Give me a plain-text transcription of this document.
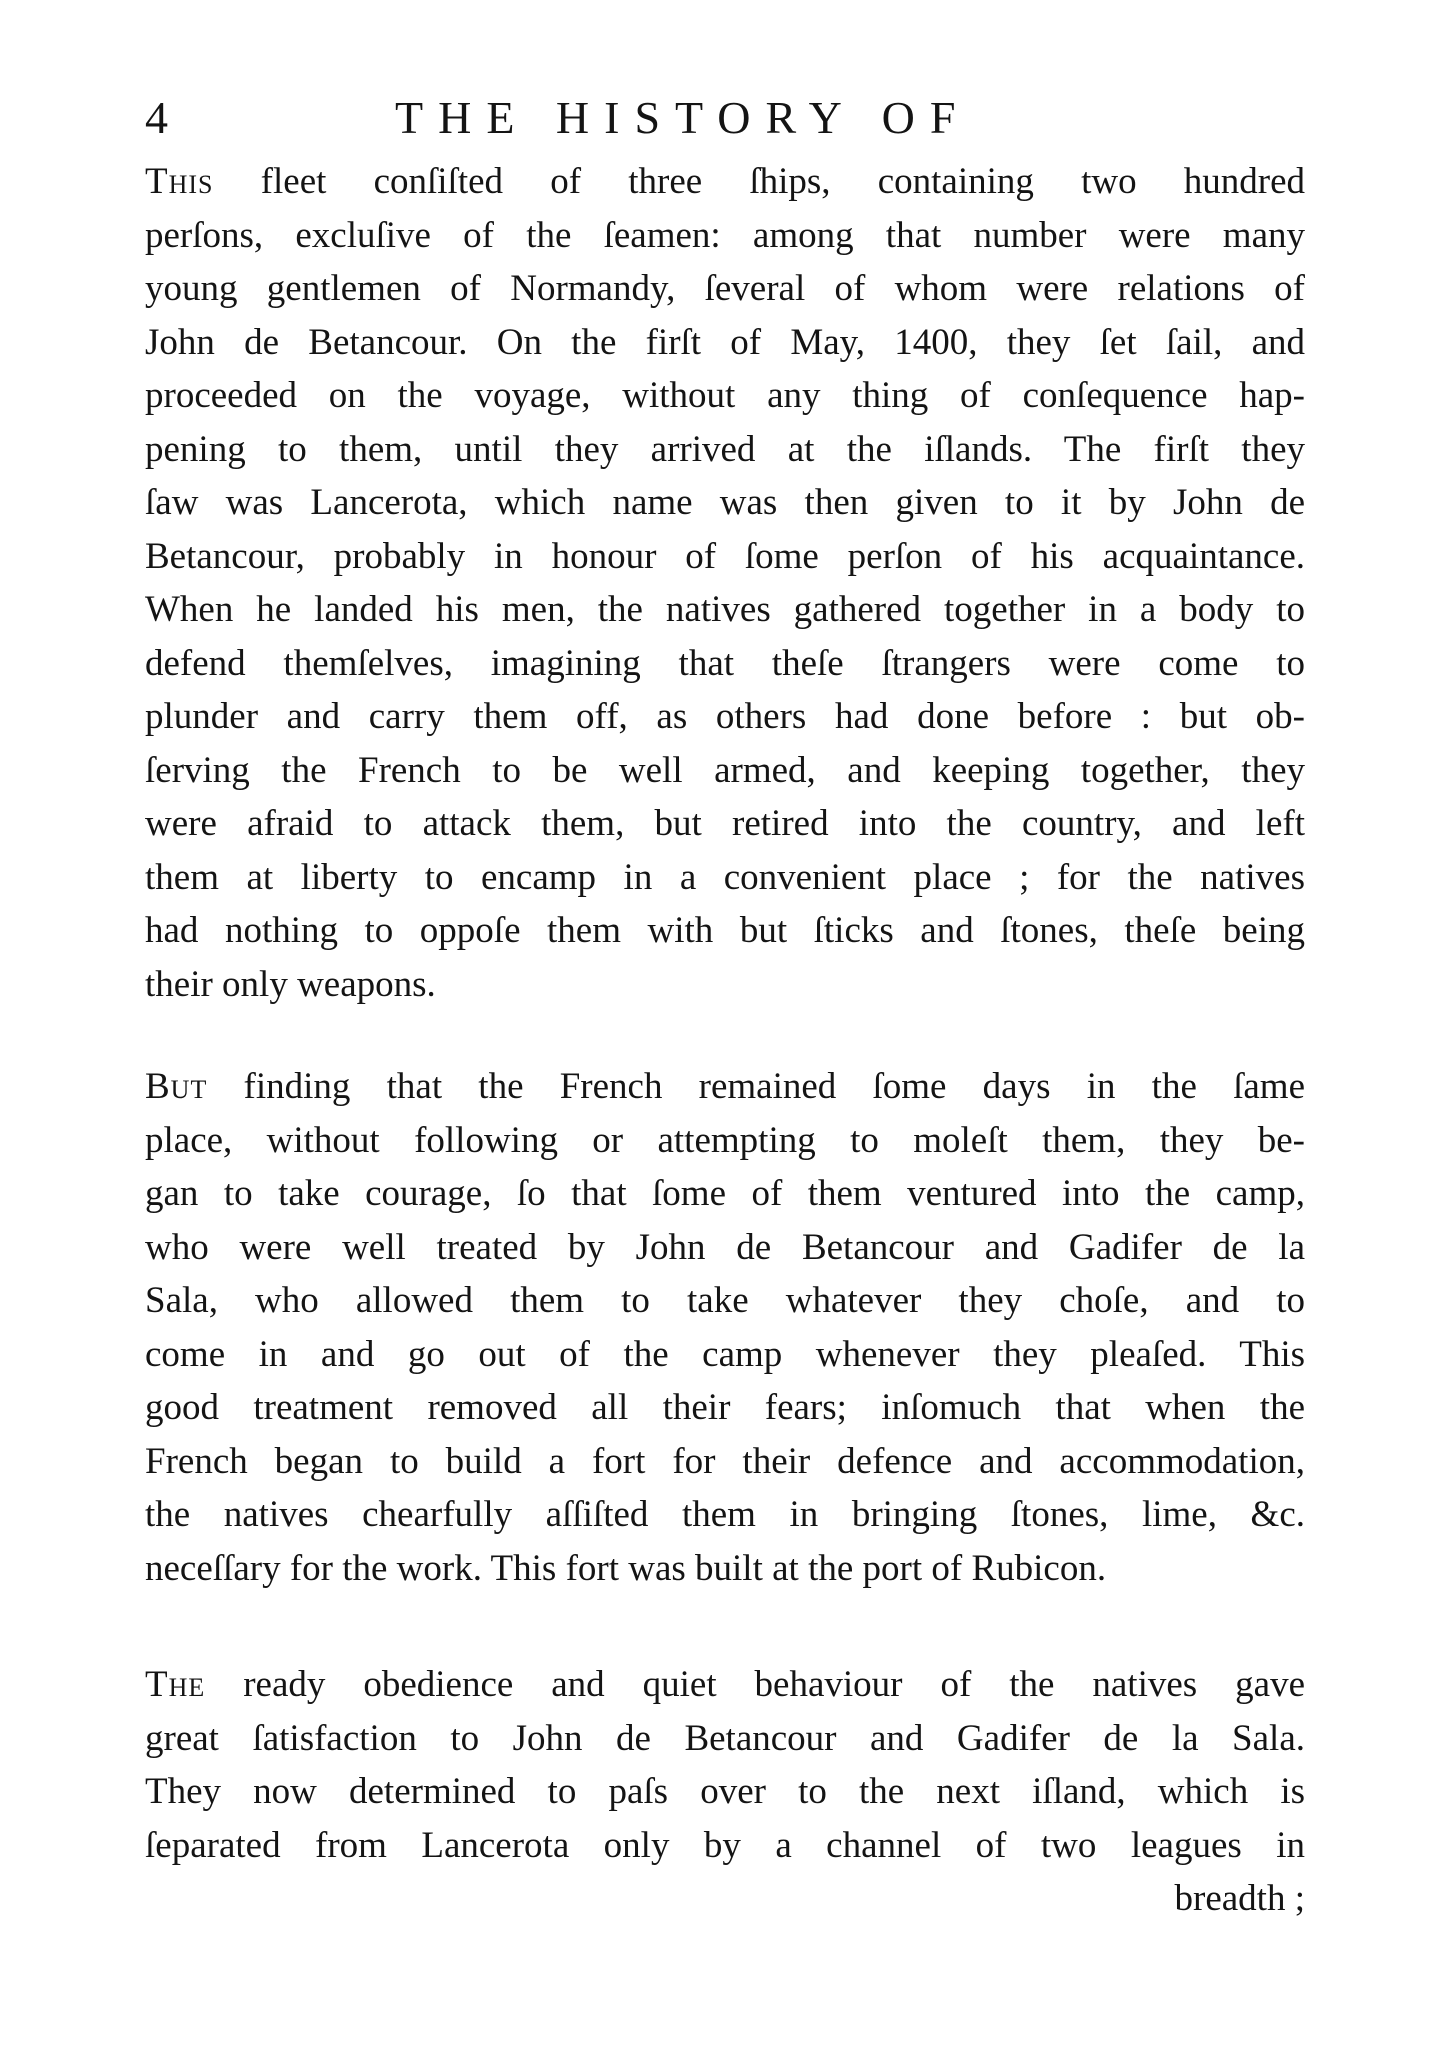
4	THE HISTORY OF
This fleet conſiſted of three ſhips, containing two hundred
perſons, excluſive of the ſeamen: among that number were many
young gentlemen of Normandy, ſeveral of whom were relations of
John de Betancour. On the firſt of May, 1400, they ſet ſail, and
proceeded on the voyage, without any thing of conſequence hap-
pening to them, until they arrived at the iſlands. The firſt they
ſaw was Lancerota, which name was then given to it by John de
Betancour, probably in honour of ſome perſon of his acquaintance.
When he landed his men, the natives gathered together in a body to
defend themſelves, imagining that theſe ſtrangers were come to
plunder and carry them off, as others had done before : but ob-
ſerving the French to be well armed, and keeping together, they
were afraid to attack them, but retired into the country, and left
them at liberty to encamp in a convenient place ; for the natives
had nothing to oppoſe them with but ſticks and ſtones, theſe being
their only weapons.
But finding that the French remained ſome days in the ſame
place, without following or attempting to moleſt them, they be-
gan to take courage, ſo that ſome of them ventured into the camp,
who were well treated by John de Betancour and Gadifer de la
Sala, who allowed them to take whatever they choſe, and to
come in and go out of the camp whenever they pleaſed. This
good treatment removed all their fears; inſomuch that when the
French began to build a fort for their defence and accommodation,
the natives chearfully aſſiſted them in bringing ſtones, lime, &c.
neceſſary for the work. This fort was built at the port of Rubicon.
The ready obedience and quiet behaviour of the natives gave
great ſatisfaction to John de Betancour and Gadifer de la Sala.
They now determined to paſs over to the next iſland, which is
ſeparated from Lancerota only by a channel of two leagues in
breadth ;
